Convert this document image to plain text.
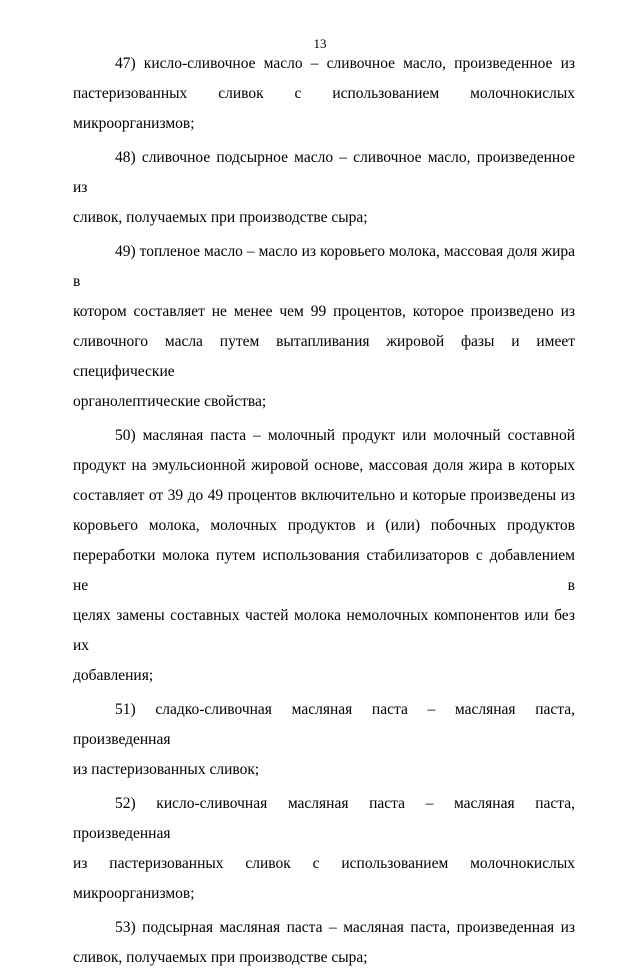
13
47) кисло-сливочное масло – сливочное масло, произведенное из
пастеризованных сливок с использованием молочнокислых
микроорганизмов;
48) сливочное подсырное масло – сливочное масло, произведенное из
сливок, получаемых при производстве сыра;
49) топленое масло – масло из коровьего молока, массовая доля жира в
котором составляет не менее чем 99 процентов, которое произведено из
сливочного масла путем вытапливания жировой фазы и имеет специфические
органолептические свойства;
50) масляная паста – молочный продукт или молочный составной
продукт на эмульсионной жировой основе, массовая доля жира в которых
составляет от 39 до 49 процентов включительно и которые произведены из
коровьего молока, молочных продуктов и (или) побочных продуктов
переработки молока путем использования стабилизаторов с добавлением не в
целях замены составных частей молока немолочных компонентов или без их
добавления;
51) сладко-сливочная масляная паста – масляная паста, произведенная
из пастеризованных сливок;
52) кисло-сливочная масляная паста – масляная паста, произведенная
из пастеризованных сливок с использованием молочнокислых
микроорганизмов;
53) подсырная масляная паста – масляная паста, произведенная из
сливок, получаемых при производстве сыра;
